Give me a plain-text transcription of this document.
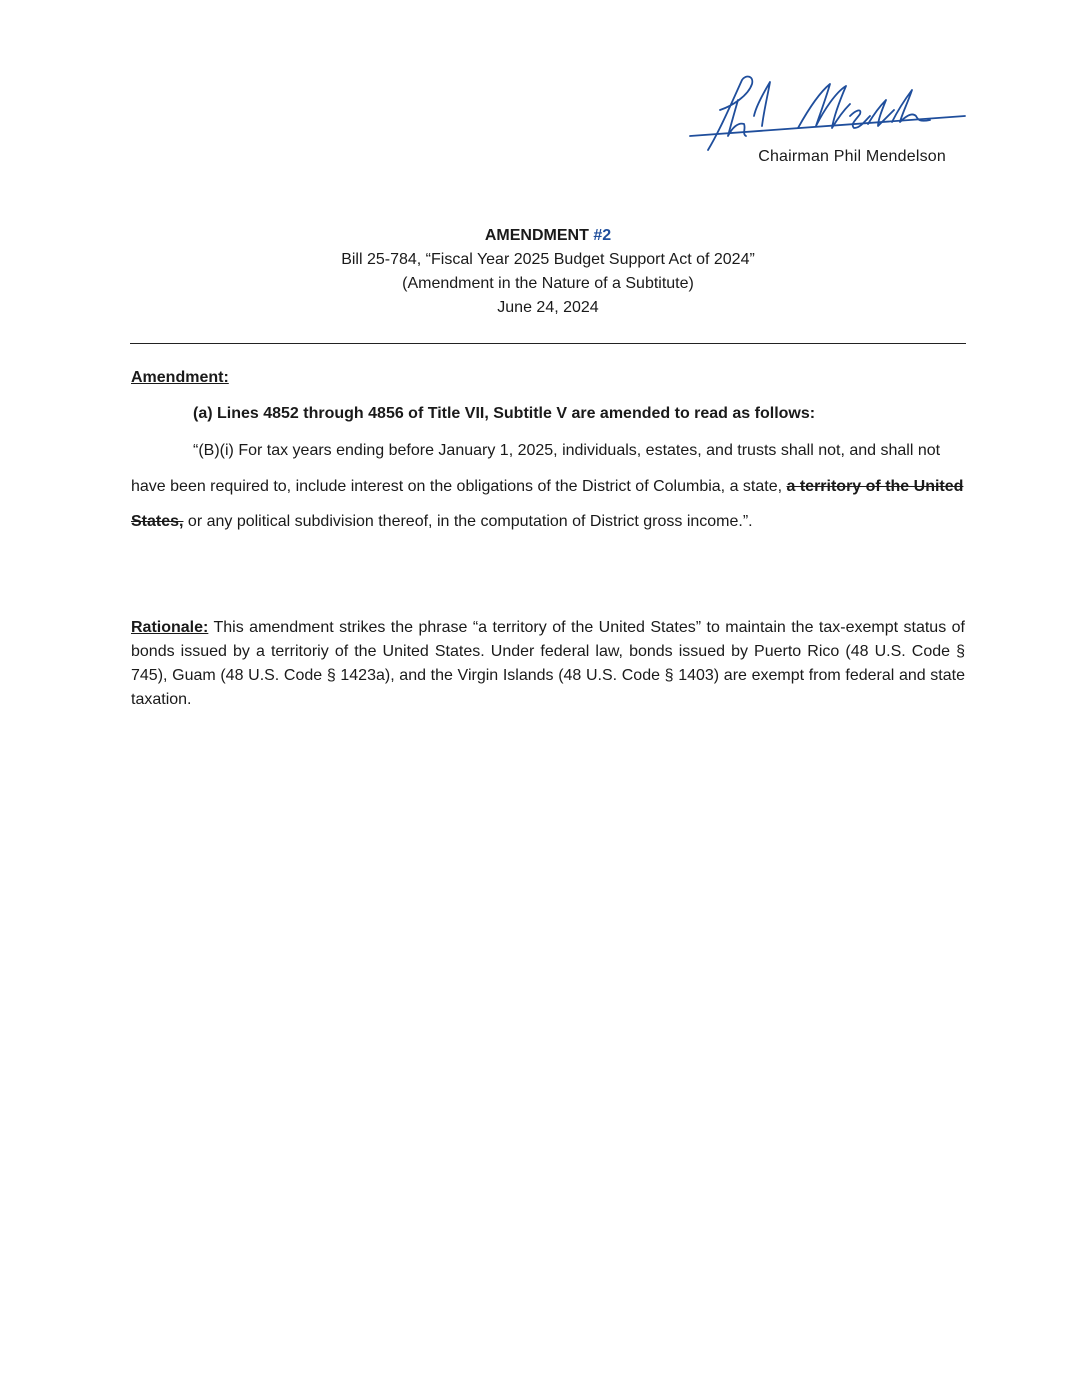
Chairman Phil Mendelson
AMENDMENT #2
Bill 25-784, “Fiscal Year 2025 Budget Support Act of 2024”
(Amendment in the Nature of a Subtitute)
June 24, 2024
Amendment:
(a) Lines 4852 through 4856 of Title VII, Subtitle V are amended to read as follows:

“(B)(i) For tax years ending before January 1, 2025, individuals, estates, and trusts shall not, and shall not have been required to, include interest on the obligations of the District of Columbia, a state, a territory of the United States, or any political subdivision thereof, in the computation of District gross income.”.

Rationale: This amendment strikes the phrase “a territory of the United States” to maintain the tax-exempt status of bonds issued by a territoriy of the United States. Under federal law, bonds issued by Puerto Rico (48 U.S. Code § 745), Guam (48 U.S. Code § 1423a), and the Virgin Islands (48 U.S. Code § 1403) are exempt from federal and state taxation.
